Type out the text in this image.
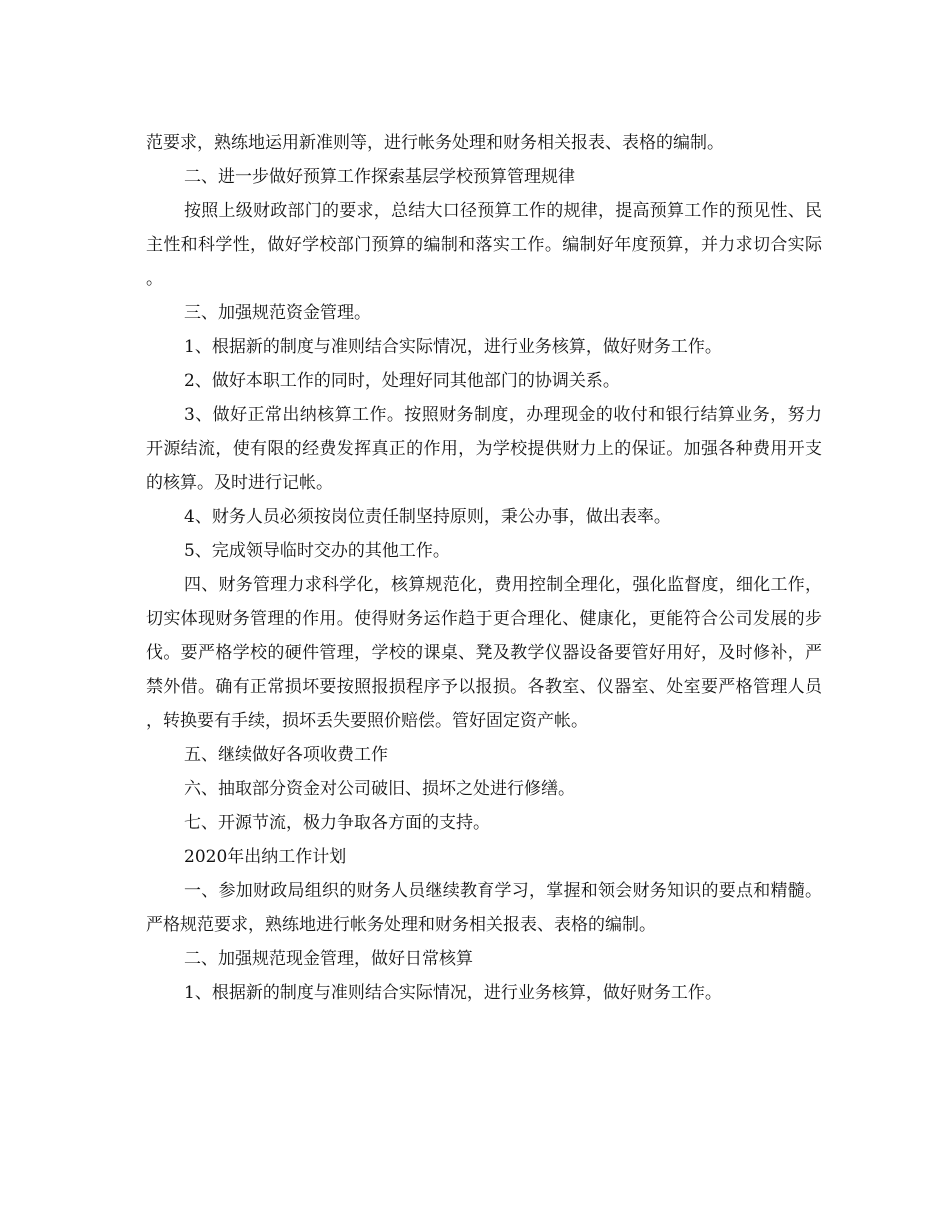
范要求，熟练地运用新准则等，进行帐务处理和财务相关报表、表格的编制。

二、进一步做好预算工作探索基层学校预算管理规律

按照上级财政部门的要求，总结大口径预算工作的规律，提高预算工作的预见性、民主性和科学性，做好学校部门预算的编制和落实工作。编制好年度预算，并力求切合实际。

三、加强规范资金管理。

1、根据新的制度与准则结合实际情况，进行业务核算，做好财务工作。

2、做好本职工作的同时，处理好同其他部门的协调关系。

3、做好正常出纳核算工作。按照财务制度，办理现金的收付和银行结算业务，努力开源结流，使有限的经费发挥真正的作用，为学校提供财力上的保证。加强各种费用开支的核算。及时进行记帐。

4、财务人员必须按岗位责任制坚持原则，秉公办事，做出表率。

5、完成领导临时交办的其他工作。

四、财务管理力求科学化，核算规范化，费用控制全理化，强化监督度，细化工作，切实体现财务管理的作用。使得财务运作趋于更合理化、健康化，更能符合公司发展的步伐。要严格学校的硬件管理，学校的课桌、凳及教学仪器设备要管好用好，及时修补，严禁外借。确有正常损坏要按照报损程序予以报损。各教室、仪器室、处室要严格管理人员，转换要有手续，损坏丢失要照价赔偿。管好固定资产帐。

五、继续做好各项收费工作

六、抽取部分资金对公司破旧、损坏之处进行修缮。

七、开源节流，极力争取各方面的支持。

2020年出纳工作计划

一、参加财政局组织的财务人员继续教育学习，掌握和领会财务知识的要点和精髓。严格规范要求，熟练地进行帐务处理和财务相关报表、表格的编制。

二、加强规范现金管理，做好日常核算

1、根据新的制度与准则结合实际情况，进行业务核算，做好财务工作。
